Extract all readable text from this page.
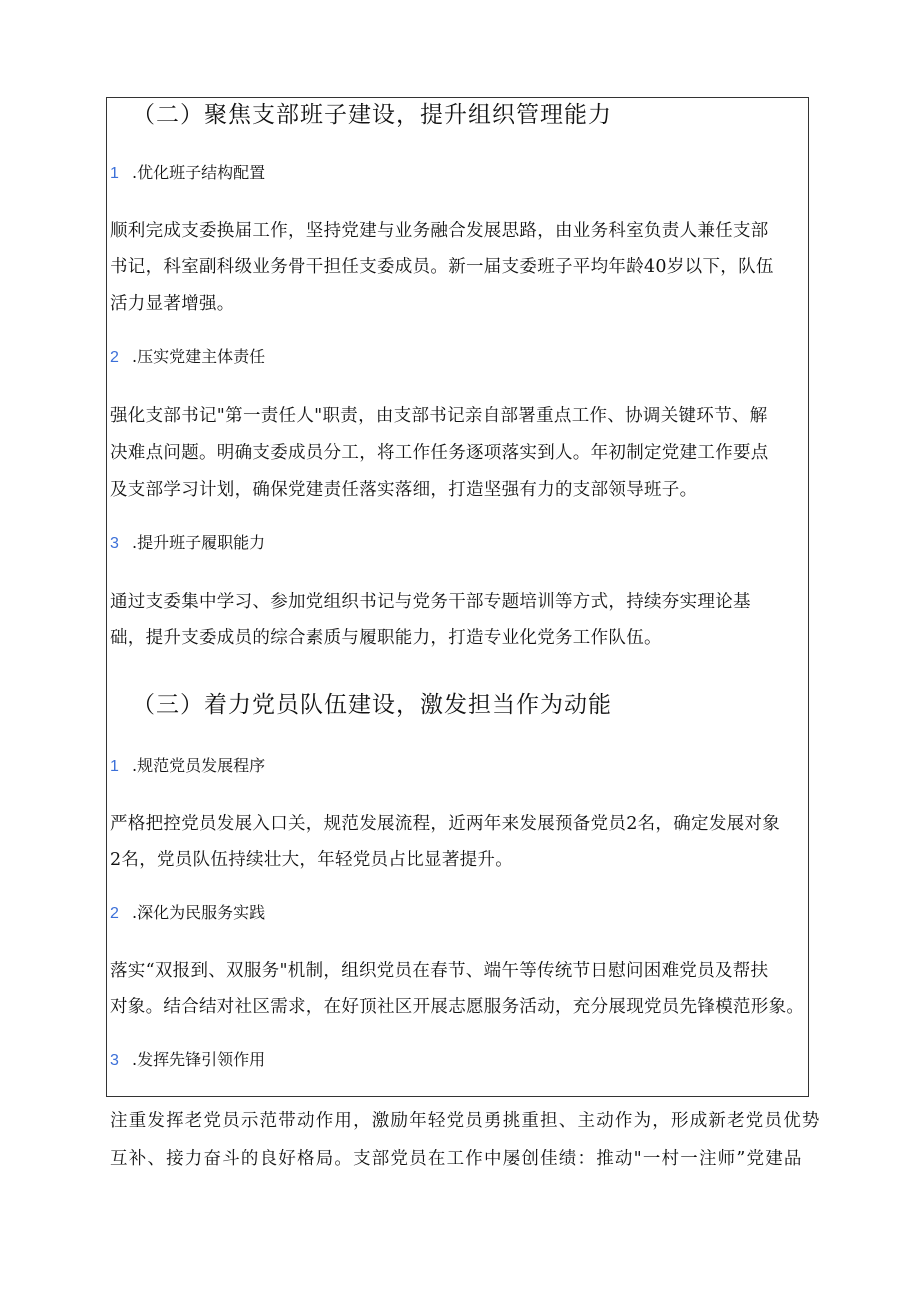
（二）聚焦支部班子建设，提升组织管理能力
1 .优化班子结构配置
顺利完成支委换届工作，坚持党建与业务融合发展思路，由业务科室负责人兼任支部
书记，科室副科级业务骨干担任支委成员。新一届支委班子平均年龄40岁以下，队伍
活力显著增强。
2 .压实党建主体责任
强化支部书记"第一责任人"职责，由支部书记亲自部署重点工作、协调关键环节、解
决难点问题。明确支委成员分工，将工作任务逐项落实到人。年初制定党建工作要点
及支部学习计划，确保党建责任落实落细，打造坚强有力的支部领导班子。
3 .提升班子履职能力
通过支委集中学习、参加党组织书记与党务干部专题培训等方式，持续夯实理论基
础，提升支委成员的综合素质与履职能力，打造专业化党务工作队伍。
（三）着力党员队伍建设，激发担当作为动能
1 .规范党员发展程序
严格把控党员发展入口关，规范发展流程，近两年来发展预备党员2名，确定发展对象
2名，党员队伍持续壮大，年轻党员占比显著提升。
2 .深化为民服务实践
落实“双报到、双服务"机制，组织党员在春节、端午等传统节日慰问困难党员及帮扶
对象。结合结对社区需求，在好顶社区开展志愿服务活动，充分展现党员先锋模范形象。
3 .发挥先锋引领作用
注重发挥老党员示范带动作用，激励年轻党员勇挑重担、主动作为，形成新老党员优势
互补、接力奋斗的良好格局。支部党员在工作中屡创佳绩：推动"一村一注师”党建品
